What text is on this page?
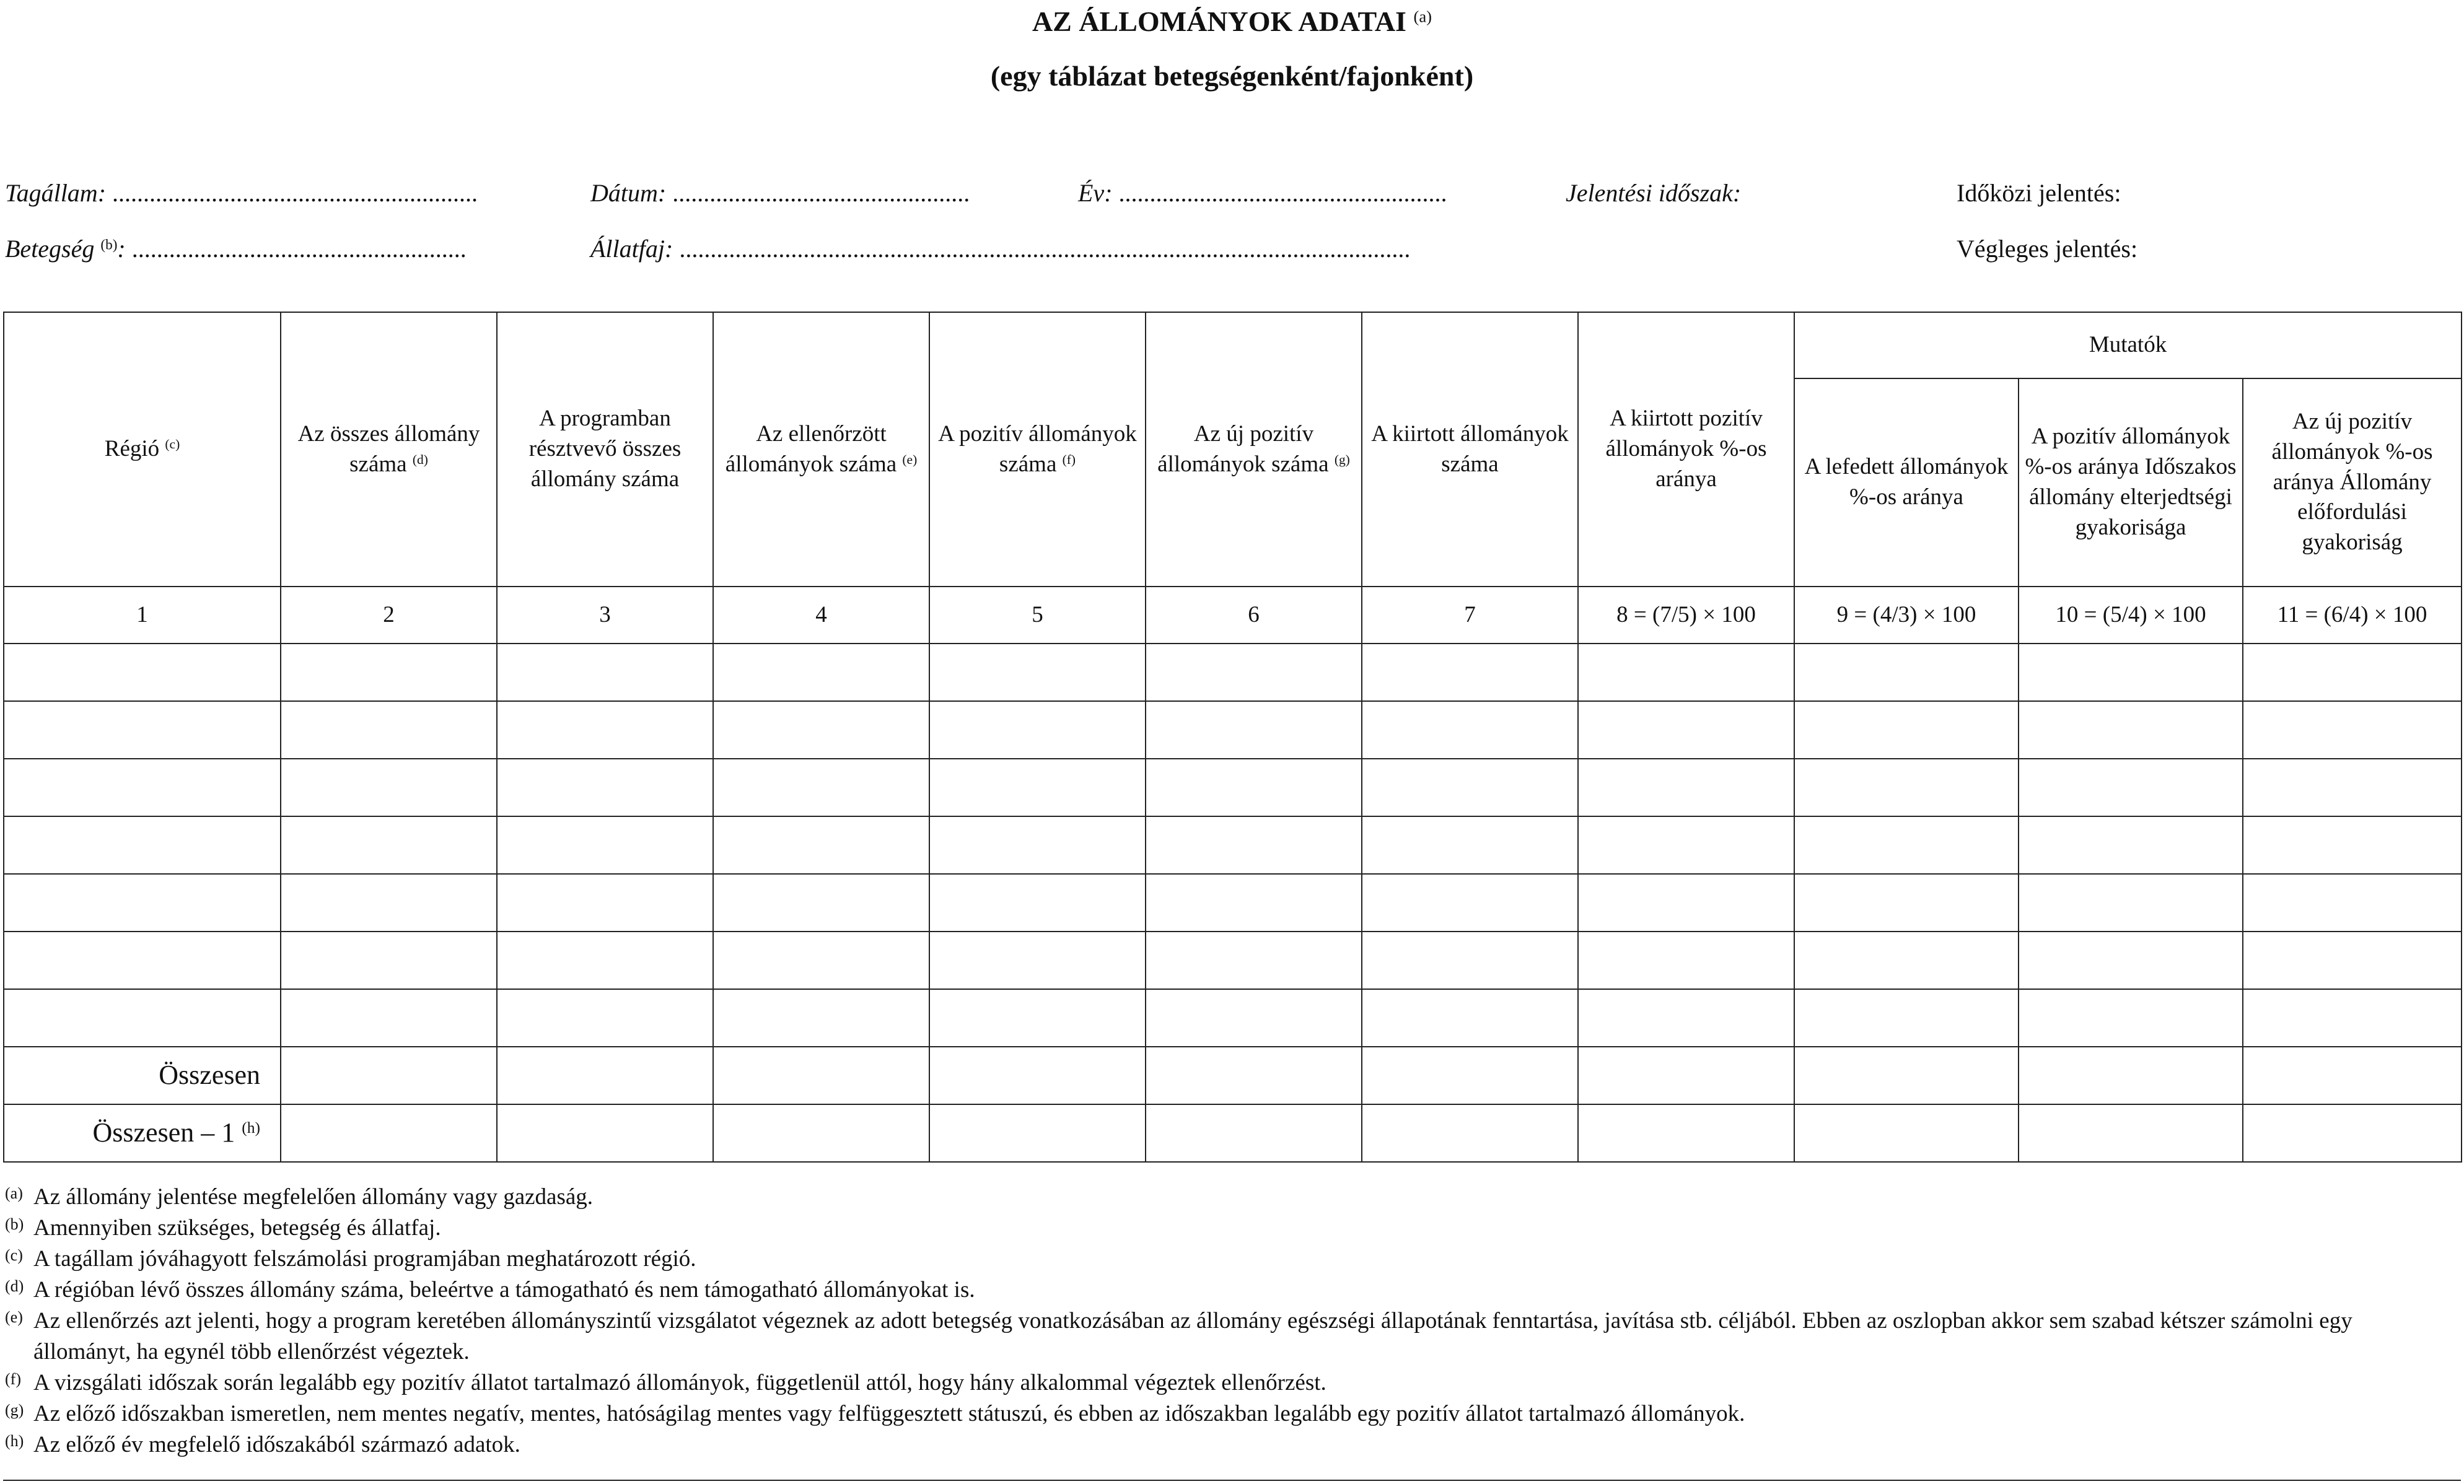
AZ ÁLLOMÁNYOK ADATAI $^{(a)}$
(egy táblázat betegségenként/fajonként)
Tagállam: ...........................................................	Dátum: ................................................	Év: .....................................................	Jelentési időszak:	Időközi jelentés:
Betegség $^{(b)}$: ......................................................	Állatfaj: ......................................................................................................................	Végleges jelentés:
Régió $^{(c)}$	Az összes állomány száma $^{(d)}$	A programban résztvevő összes állomány száma	Az ellenőrzött állományok száma $^{(e)}$	A pozitív állományok száma $^{(f)}$	Az új pozitív állományok száma $^{(g)}$	A kiirtott állományok száma	A kiirtott pozitív állományok %-os aránya	Mutatók		
								A lefedett állományok %-os aránya	A pozitív állományok %-os aránya Időszakos állomány elterjedtségi gyakorisága	Az új pozitív állományok %-os aránya Állomány előfordulási gyakoriság
1	2	3	4	5	6	7	8 = (7/5) × 100	9 = (4/3) × 100	10 = (5/4) × 100	11 = (6/4) × 100

Összesen										
Összesen – 1 $^{(h)}$										
(a) Az állomány jelentése megfelelően állomány vagy gazdaság.
(b) Amennyiben szükséges, betegség és állatfaj.
(c) A tagállam jóváhagyott felszámolási programjában meghatározott régió.
(d) A régióban lévő összes állomány száma, beleértve a támogatható és nem támogatható állományokat is.
(e) Az ellenőrzés azt jelenti, hogy a program keretében állományszintű vizsgálatot végeznek az adott betegség vonatkozásában az állomány egészségi állapotának fenntartása, javítása stb. céljából. Ebben az oszlopban akkor sem szabad kétszer számolni egy állományt, ha egynél több ellenőrzést végeztek.
(f) A vizsgálati időszak során legalább egy pozitív állatot tartalmazó állományok, függetlenül attól, hogy hány alkalommal végeztek ellenőrzést.
(g) Az előző időszakban ismeretlen, nem mentes negatív, mentes, hatóságilag mentes vagy felfüggesztett státuszú, és ebben az időszakban legalább egy pozitív állatot tartalmazó állományok.
(h) Az előző év megfelelő időszakából származó adatok.
